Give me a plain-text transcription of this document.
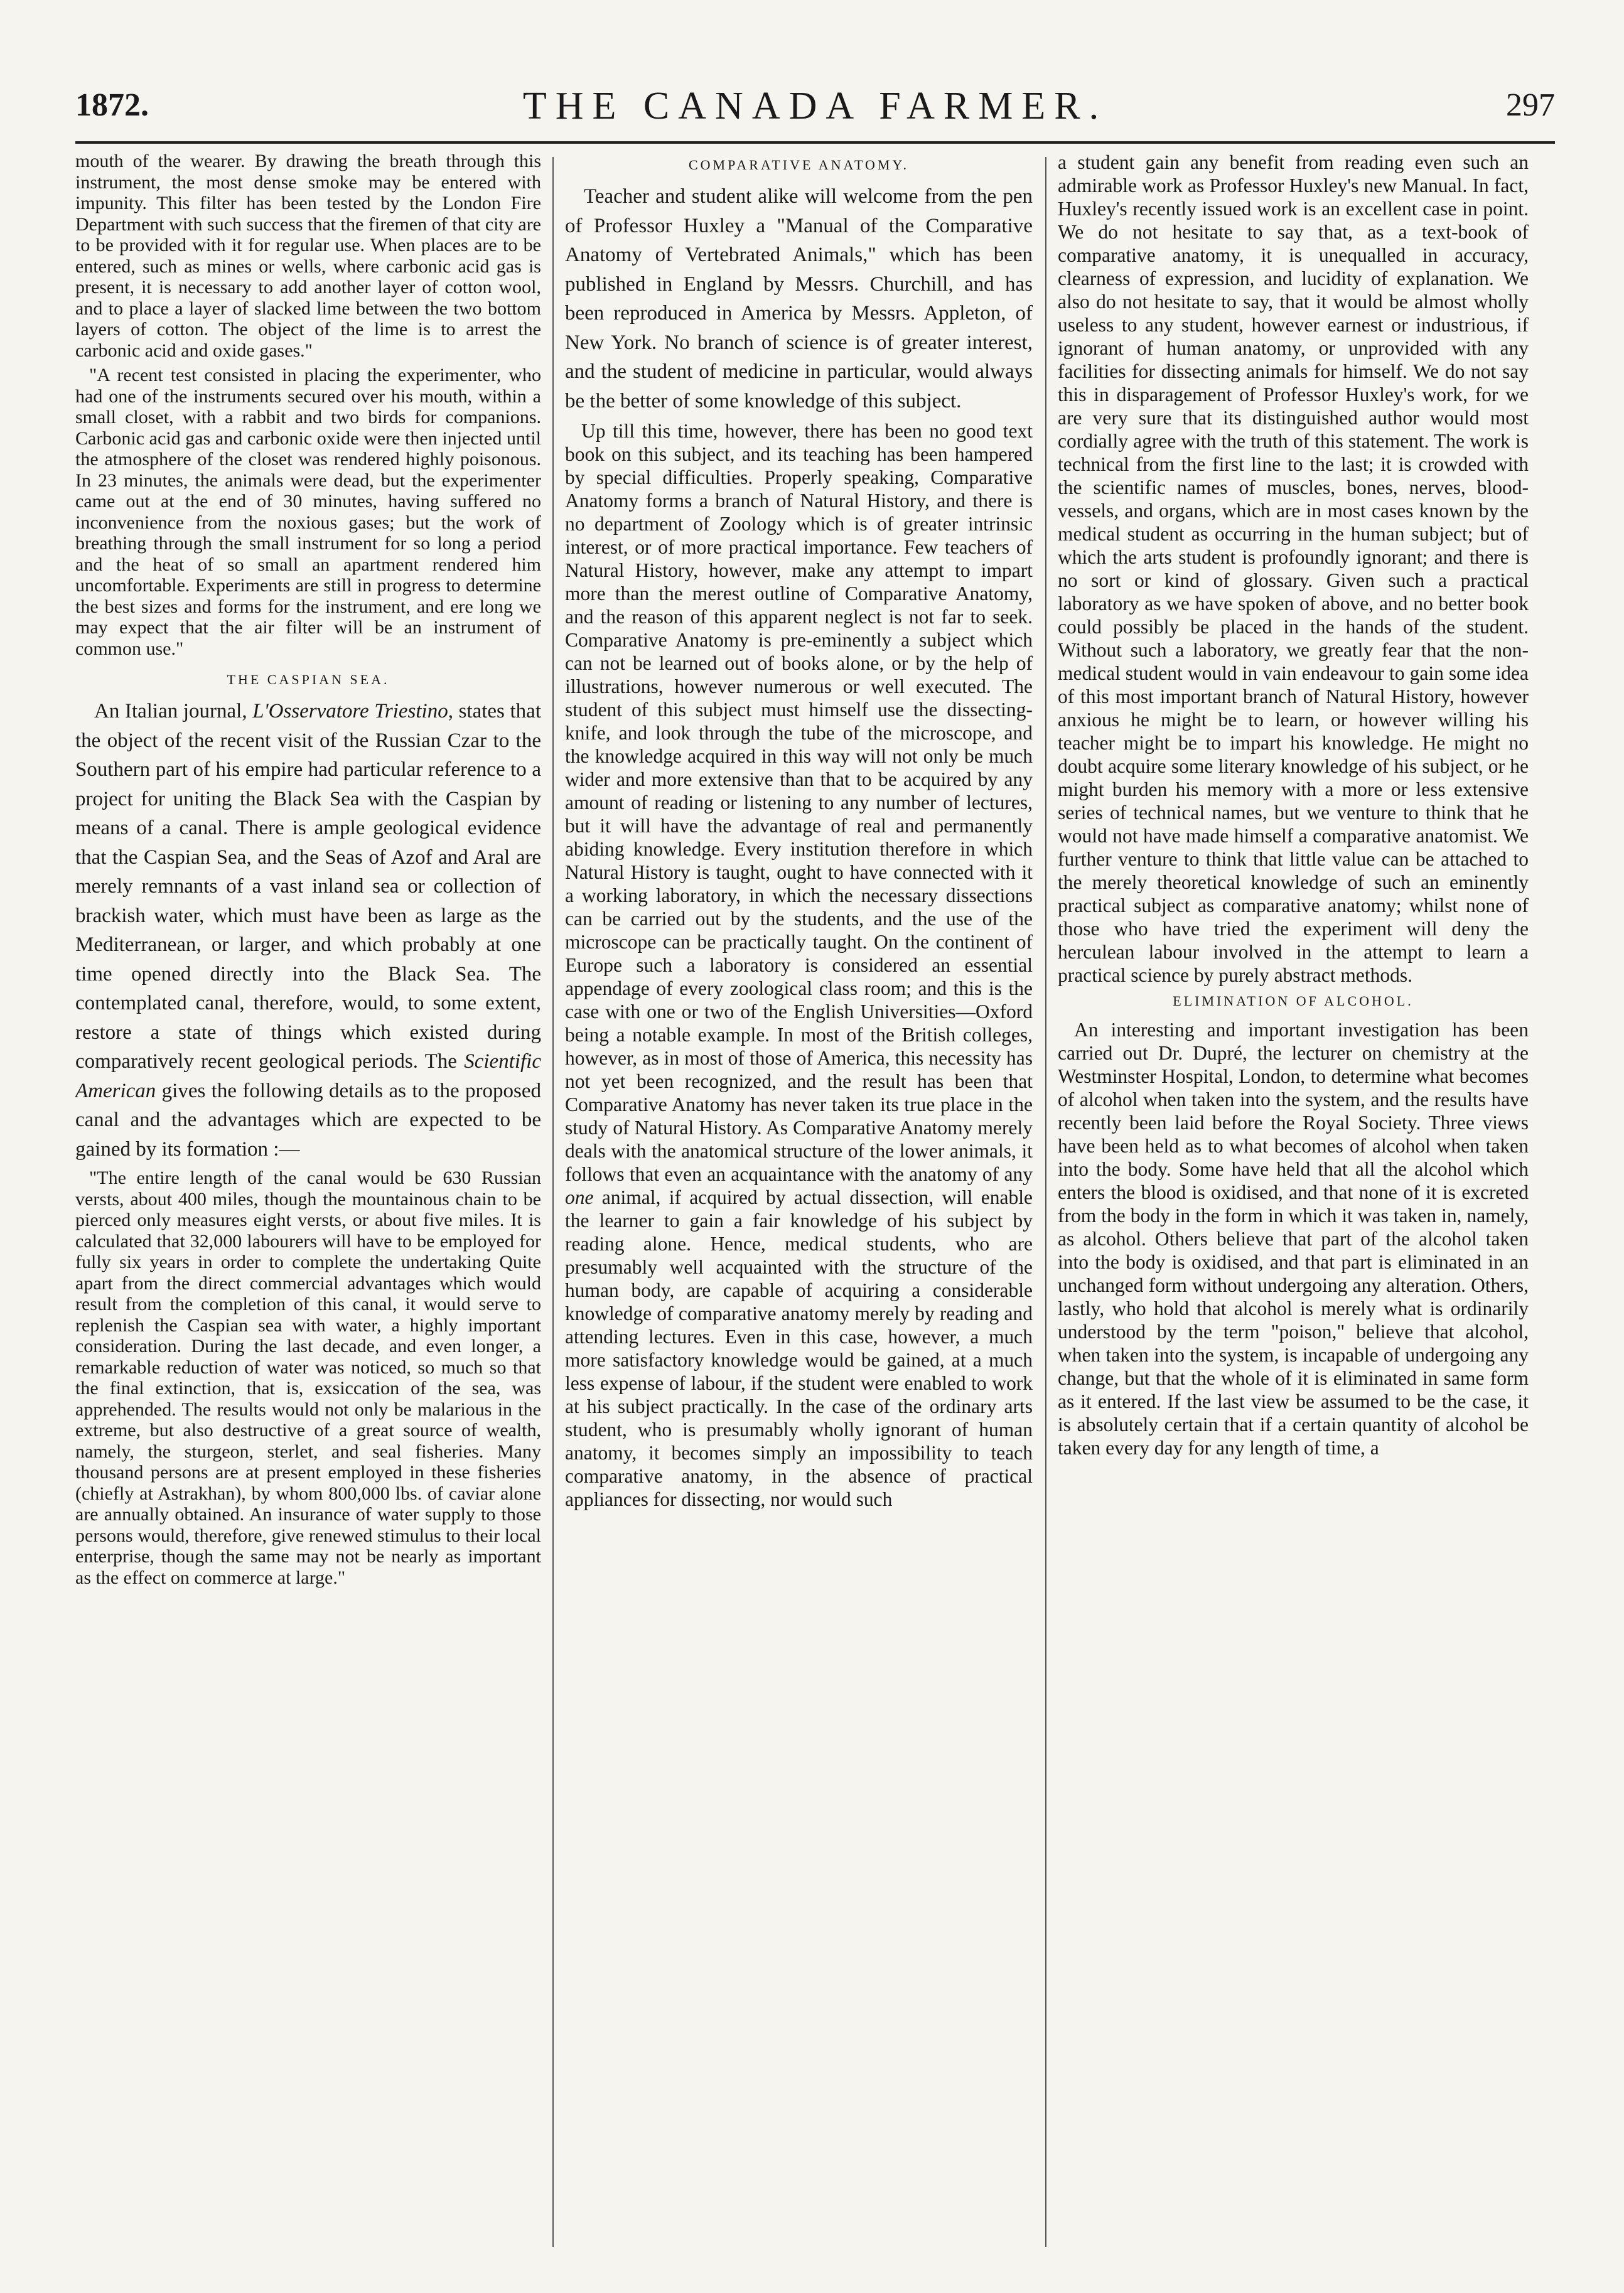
1872.	THE CANADA FARMER.	297

mouth of the wearer. By drawing the breath through this instrument, the most dense smoke may be entered with impunity. This filter has been tested by the London Fire Department with such success that the firemen of that city are to be provided with it for regular use. When places are to be entered, such as mines or wells, where carbonic acid gas is present, it is necessary to add another layer of cotton wool, and to place a layer of slacked lime between the two bottom layers of cotton. The object of the lime is to arrest the carbonic acid and oxide gases."

"A recent test consisted in placing the experimenter, who had one of the instruments secured over his mouth, within a small closet, with a rabbit and two birds for companions. Carbonic acid gas and carbonic oxide were then injected until the atmosphere of the closet was rendered highly poisonous. In 23 minutes, the animals were dead, but the experimenter came out at the end of 30 minutes, having suffered no inconvenience from the noxious gases; but the work of breathing through the small instrument for so long a period and the heat of so small an apartment rendered him uncomfortable. Experiments are still in progress to determine the best sizes and forms for the instrument, and ere long we may expect that the air filter will be an instrument of common use."

THE CASPIAN SEA.

An Italian journal, L'Osservatore Triestino, states that the object of the recent visit of the Russian Czar to the Southern part of his empire had particular reference to a project for uniting the Black Sea with the Caspian by means of a canal. There is ample geological evidence that the Caspian Sea, and the Seas of Azof and Aral are merely remnants of a vast inland sea or collection of brackish water, which must have been as large as the Mediterranean, or larger, and which probably at one time opened directly into the Black Sea. The contemplated canal, therefore, would, to some extent, restore a state of things which existed during comparatively recent geological periods. The Scientific American gives the following details as to the proposed canal and the advantages which are expected to be gained by its formation :—

"The entire length of the canal would be 630 Russian versts, about 400 miles, though the mountainous chain to be pierced only measures eight versts, or about five miles. It is calculated that 32,000 labourers will have to be employed for fully six years in order to complete the undertaking Quite apart from the direct commercial advantages which would result from the completion of this canal, it would serve to replenish the Caspian sea with water, a highly important consideration. During the last decade, and even longer, a remarkable reduction of water was noticed, so much so that the final extinction, that is, exsiccation of the sea, was apprehended. The results would not only be malarious in the extreme, but also destructive of a great source of wealth, namely, the sturgeon, sterlet, and seal fisheries. Many thousand persons are at present employed in these fisheries (chiefly at Astrakhan), by whom 800,000 lbs. of caviar alone are annually obtained. An insurance of water supply to those persons would, therefore, give renewed stimulus to their local enterprise, though the same may not be nearly as important as the effect on commerce at large."

COMPARATIVE ANATOMY.

Teacher and student alike will welcome from the pen of Professor Huxley a "Manual of the Comparative Anatomy of Vertebrated Animals," which has been published in England by Messrs. Churchill, and has been reproduced in America by Messrs. Appleton, of New York. No branch of science is of greater interest, and the student of medicine in particular, would always be the better of some knowledge of this subject.

Up till this time, however, there has been no good text book on this subject, and its teaching has been hampered by special difficulties. Properly speaking, Comparative Anatomy forms a branch of Natural History, and there is no department of Zoology which is of greater intrinsic interest, or of more practical importance. Few teachers of Natural History, however, make any attempt to impart more than the merest outline of Comparative Anatomy, and the reason of this apparent neglect is not far to seek. Comparative Anatomy is pre-eminently a subject which can not be learned out of books alone, or by the help of illustrations, however numerous or well executed. The student of this subject must himself use the dissecting-knife, and look through the tube of the microscope, and the knowledge acquired in this way will not only be much wider and more extensive than that to be acquired by any amount of reading or listening to any number of lectures, but it will have the advantage of real and permanently abiding knowledge. Every institution therefore in which Natural History is taught, ought to have connected with it a working laboratory, in which the necessary dissections can be carried out by the students, and the use of the microscope can be practically taught. On the continent of Europe such a laboratory is considered an essential appendage of every zoological class room; and this is the case with one or two of the English Universities—Oxford being a notable example. In most of the British colleges, however, as in most of those of America, this necessity has not yet been recognized, and the result has been that Comparative Anatomy has never taken its true place in the study of Natural History. As Comparative Anatomy merely deals with the anatomical structure of the lower animals, it follows that even an acquaintance with the anatomy of any one animal, if acquired by actual dissection, will enable the learner to gain a fair knowledge of his subject by reading alone. Hence, medical students, who are presumably well acquainted with the structure of the human body, are capable of acquiring a considerable knowledge of comparative anatomy merely by reading and attending lectures. Even in this case, however, a much more satisfactory knowledge would be gained, at a much less expense of labour, if the student were enabled to work at his subject practically. In the case of the ordinary arts student, who is presumably wholly ignorant of human anatomy, it becomes simply an impossibility to teach comparative anatomy, in the absence of practical appliances for dissecting, nor would such

a student gain any benefit from reading even such an admirable work as Professor Huxley's new Manual. In fact, Huxley's recently issued work is an excellent case in point. We do not hesitate to say that, as a text-book of comparative anatomy, it is unequalled in accuracy, clearness of expression, and lucidity of explanation. We also do not hesitate to say, that it would be almost wholly useless to any student, however earnest or industrious, if ignorant of human anatomy, or unprovided with any facilities for dissecting animals for himself. We do not say this in disparagement of Professor Huxley's work, for we are very sure that its distinguished author would most cordially agree with the truth of this statement. The work is technical from the first line to the last; it is crowded with the scientific names of muscles, bones, nerves, blood-vessels, and organs, which are in most cases known by the medical student as occurring in the human subject; but of which the arts student is profoundly ignorant; and there is no sort or kind of glossary. Given such a practical laboratory as we have spoken of above, and no better book could possibly be placed in the hands of the student. Without such a laboratory, we greatly fear that the non-medical student would in vain endeavour to gain some idea of this most important branch of Natural History, however anxious he might be to learn, or however willing his teacher might be to impart his knowledge. He might no doubt acquire some literary knowledge of his subject, or he might burden his memory with a more or less extensive series of technical names, but we venture to think that he would not have made himself a comparative anatomist. We further venture to think that little value can be attached to the merely theoretical knowledge of such an eminently practical subject as comparative anatomy; whilst none of those who have tried the experiment will deny the herculean labour involved in the attempt to learn a practical science by purely abstract methods.

ELIMINATION OF ALCOHOL.

An interesting and important investigation has been carried out Dr. Dupré, the lecturer on chemistry at the Westminster Hospital, London, to determine what becomes of alcohol when taken into the system, and the results have recently been laid before the Royal Society. Three views have been held as to what becomes of alcohol when taken into the body. Some have held that all the alcohol which enters the blood is oxidised, and that none of it is excreted from the body in the form in which it was taken in, namely, as alcohol. Others believe that part of the alcohol taken into the body is oxidised, and that part is eliminated in an unchanged form without undergoing any alteration. Others, lastly, who hold that alcohol is merely what is ordinarily understood by the term "poison," believe that alcohol, when taken into the system, is incapable of undergoing any change, but that the whole of it is eliminated in same form as it entered. If the last view be assumed to be the case, it is absolutely certain that if a certain quantity of alcohol be taken every day for any length of time, a
